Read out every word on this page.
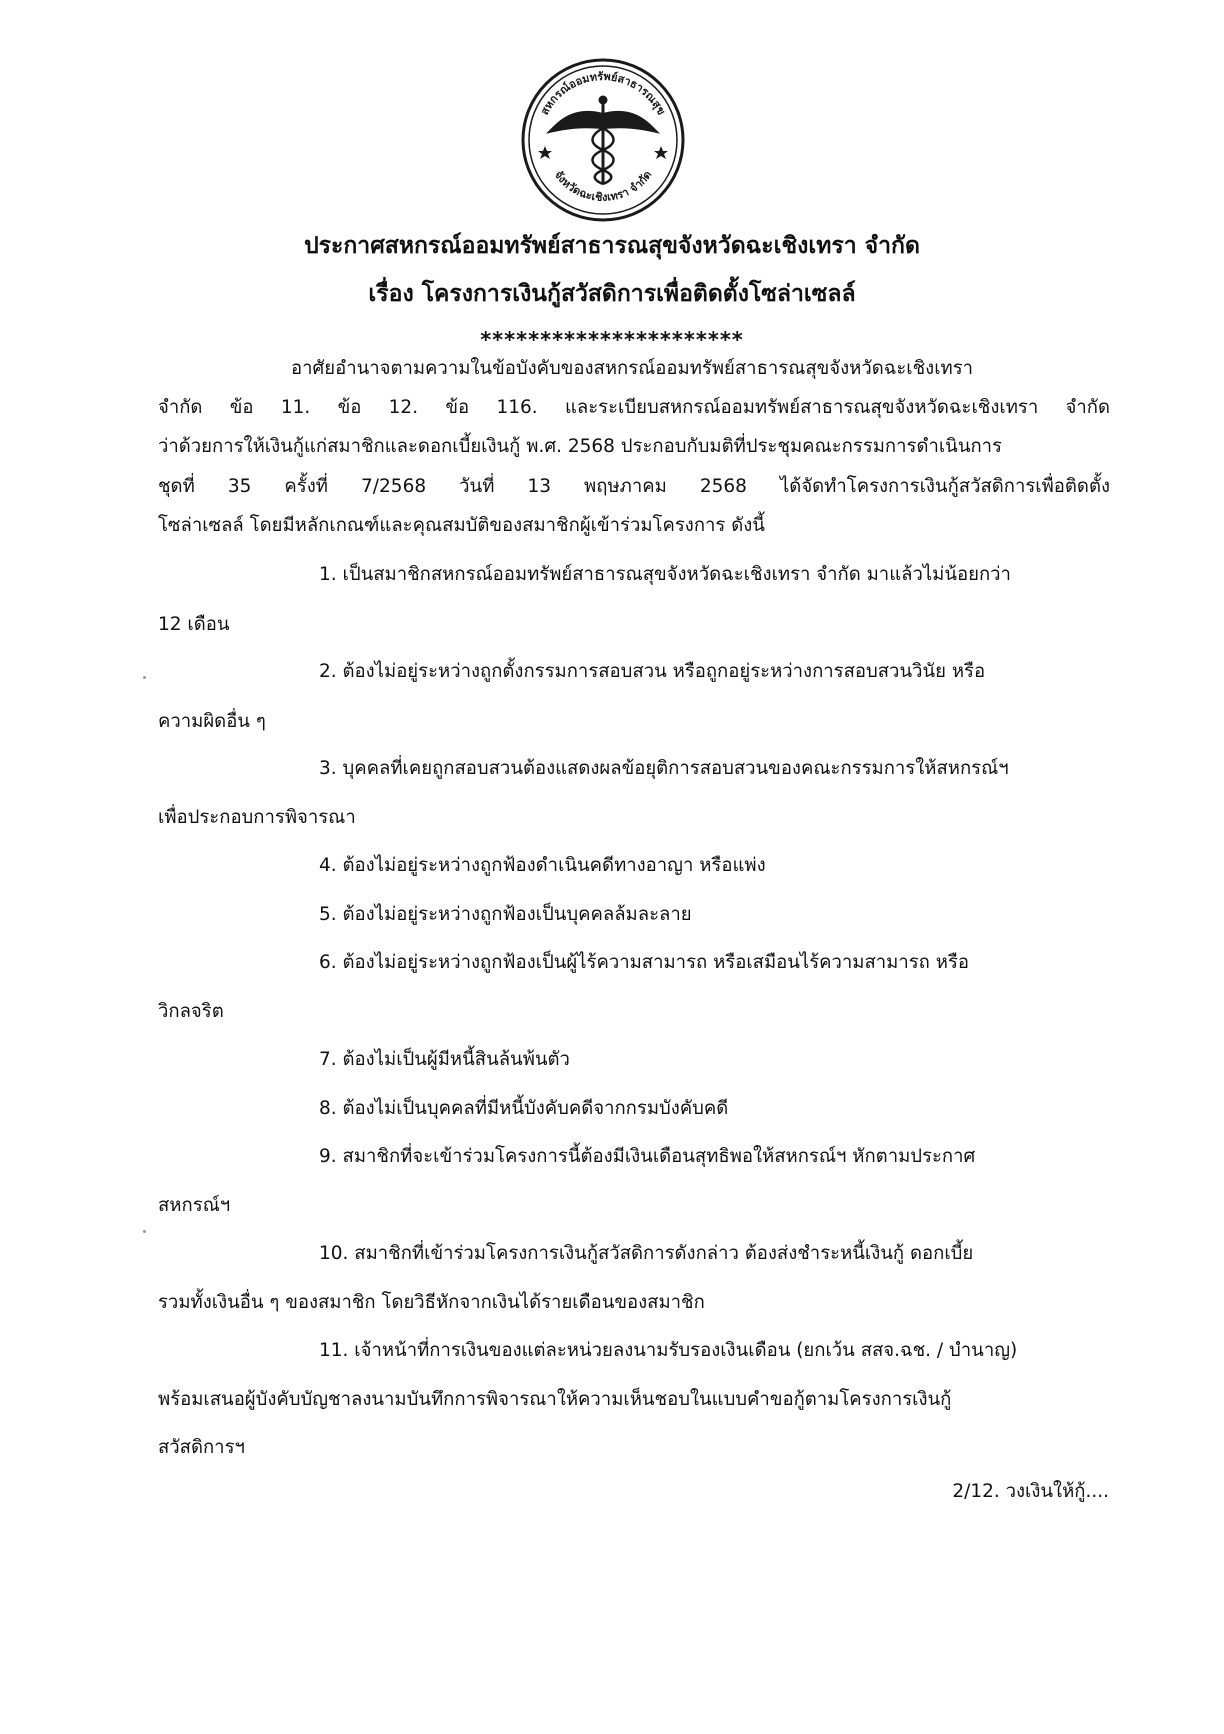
สหกรณ์ออมทรัพย์สาธารณสุข
จังหวัดฉะเชิงเทรา จำกัด
ประกาศสหกรณ์ออมทรัพย์สาธารณสุขจังหวัดฉะเชิงเทรา จำกัด
เรื่อง โครงการเงินกู้สวัสดิการเพื่อติดตั้งโซล่าเซลล์
**********************
อาศัยอำนาจตามความในข้อบังคับของสหกรณ์ออมทรัพย์สาธารณสุขจังหวัดฉะเชิงเทรา
จำกัด ข้อ 11. ข้อ 12. ข้อ 116. และระเบียบสหกรณ์ออมทรัพย์สาธารณสุขจังหวัดฉะเชิงเทรา จำกัด
ว่าด้วยการให้เงินกู้แก่สมาชิกและดอกเบี้ยเงินกู้ พ.ศ. 2568 ประกอบกับมติที่ประชุมคณะกรรมการดำเนินการ
ชุดที่ 35 ครั้งที่ 7/2568 วันที่ 13 พฤษภาคม 2568 ได้จัดทำโครงการเงินกู้สวัสดิการเพื่อติดตั้ง
โซล่าเซลล์ โดยมีหลักเกณฑ์และคุณสมบัติของสมาชิกผู้เข้าร่วมโครงการ ดังนี้
1. เป็นสมาชิกสหกรณ์ออมทรัพย์สาธารณสุขจังหวัดฉะเชิงเทรา จำกัด มาแล้วไม่น้อยกว่า
12 เดือน
2. ต้องไม่อยู่ระหว่างถูกตั้งกรรมการสอบสวน หรือถูกอยู่ระหว่างการสอบสวนวินัย หรือ
ความผิดอื่น ๆ
3. บุคคลที่เคยถูกสอบสวนต้องแสดงผลข้อยุติการสอบสวนของคณะกรรมการให้สหกรณ์ฯ
เพื่อประกอบการพิจารณา
4. ต้องไม่อยู่ระหว่างถูกฟ้องดำเนินคดีทางอาญา หรือแพ่ง
5. ต้องไม่อยู่ระหว่างถูกฟ้องเป็นบุคคลล้มละลาย
6. ต้องไม่อยู่ระหว่างถูกฟ้องเป็นผู้ไร้ความสามารถ หรือเสมือนไร้ความสามารถ หรือ
วิกลจริต
7. ต้องไม่เป็นผู้มีหนี้สินล้นพ้นตัว
8. ต้องไม่เป็นบุคคลที่มีหนี้บังคับคดีจากกรมบังคับคดี
9. สมาชิกที่จะเข้าร่วมโครงการนี้ต้องมีเงินเดือนสุทธิพอให้สหกรณ์ฯ หักตามประกาศ
สหกรณ์ฯ
10. สมาชิกที่เข้าร่วมโครงการเงินกู้สวัสดิการดังกล่าว ต้องส่งชำระหนี้เงินกู้ ดอกเบี้ย
รวมทั้งเงินอื่น ๆ ของสมาชิก โดยวิธีหักจากเงินได้รายเดือนของสมาชิก
11. เจ้าหน้าที่การเงินของแต่ละหน่วยลงนามรับรองเงินเดือน (ยกเว้น สสจ.ฉช. / บำนาญ)
พร้อมเสนอผู้บังคับบัญชาลงนามบันทึกการพิจารณาให้ความเห็นชอบในแบบคำขอกู้ตามโครงการเงินกู้
สวัสดิการฯ
2/12. วงเงินให้กู้....
